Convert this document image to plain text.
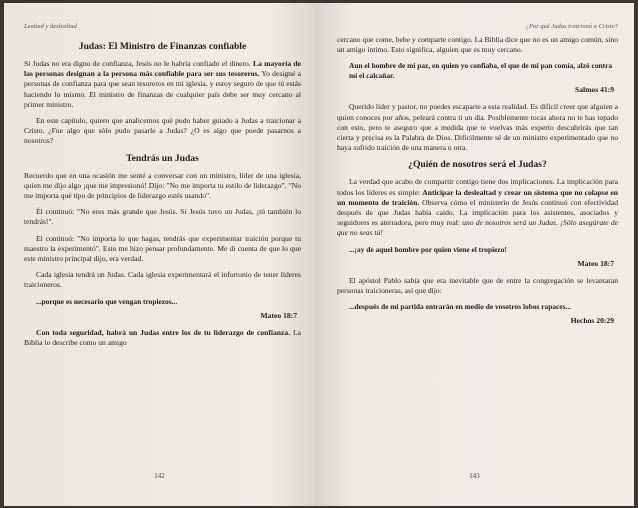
Lealtad y deslealtad
Judas: El Ministro de Finanzas confiable

Si Judas no era digno de confianza, Jesús no le habría confiado el dinero. La mayoría de las personas designan a la persona más confiable para ser sus tesoreros. Yo designé a personas de confianza para que sean tesoreros en mi iglesia, y estoy seguro de que tú estás haciendo lo mismo. El ministro de finanzas de cualquier país debe ser muy cercano al primer ministro.

En este capítulo, quiero que analicemos qué pudo haber guiado a Judas a traicionar a Cristo. ¿Fue algo que sólo pudo pasarle a Judas? ¿O es algo que puede pasarnos a nosotros?

Tendrás un Judas

Recuerdo que en una ocasión me senté a conversar con un ministro, líder de una iglesia, quien me dijo algo ¡que me impresionó! Dijo: "No me importa tu estilo de liderazgo". "No me importa qué tipo de principios de liderazgo estés usando".

Él continuó: "No eres más grande que Jesús. Si Jesús tuvo un Judas, ¡tú también lo tendrás!".

El continuó: "No importa lo que hagas, tendrás que experimentar traición porque tu maestro la experimentó". Esto me hizo pensar profundamente. Me di cuenta de que lo que este ministro principal dijo, era verdad.

Cada iglesia tendrá un Judas. Cada iglesia experimentará el infortunio de tener líderes traicioneros.

...porque es necesario que vengan tropiezos...
Mateo 18:7

Con toda seguridad, habrá un Judas entre los de tu liderazgo de confianza. La Biblia lo describe como un amigo

142
¿Por qué Judas traicionó a Cristo?

cercano que come, bebe y comparte contigo. La Biblia dice que no es un amigo común, sino un amigo íntimo. Esto significa, alguien que es muy cercano.

Aun el hombre de mi paz, en quien yo confiaba, el que de mi pan comía, alzó contra mí el calcañar.
Salmos 41:9

Querido líder y pastor, no puedes escaparte a esta realidad. Es difícil creer que alguien a quien conoces por años, peleará contra ti un día. Posiblemente tocas ahora no te has topado con esto, pero te aseguro que a medida que te vuelvas más experto descubrirás que tan cierta y precisa es la Palabra de Dios. Difícilmente sé de un ministro experimentado que no haya sufrido traición de una manera u otra.

¿Quién de nosotros será el Judas?

La verdad que acabo de compartir contigo tiene dos implicaciones. La implicación para todos los líderes es simple: Anticipar la deslealtad y crear un sistema que no colapse en un momento de traición. Observa cómo el ministerio de Jesús continuó con efectividad después de que Judas había caído. La implicación para los asistentes, asociados y seguidores es aterradora, pero muy real: uno de nosotros será un Judas. ¡Sólo asegúrate de que no seas tú!

...¡ay de aquel hombre por quien viene el tropiezo!
Mateo 18:7

El apóstol Pablo sabía que era inevitable que de entre la congregación se levantaran personas traicioneras, así que dijo:

...después de mi partida entrarán en medio de vosotros lobos rapaces...
Hechos 20:29
143
